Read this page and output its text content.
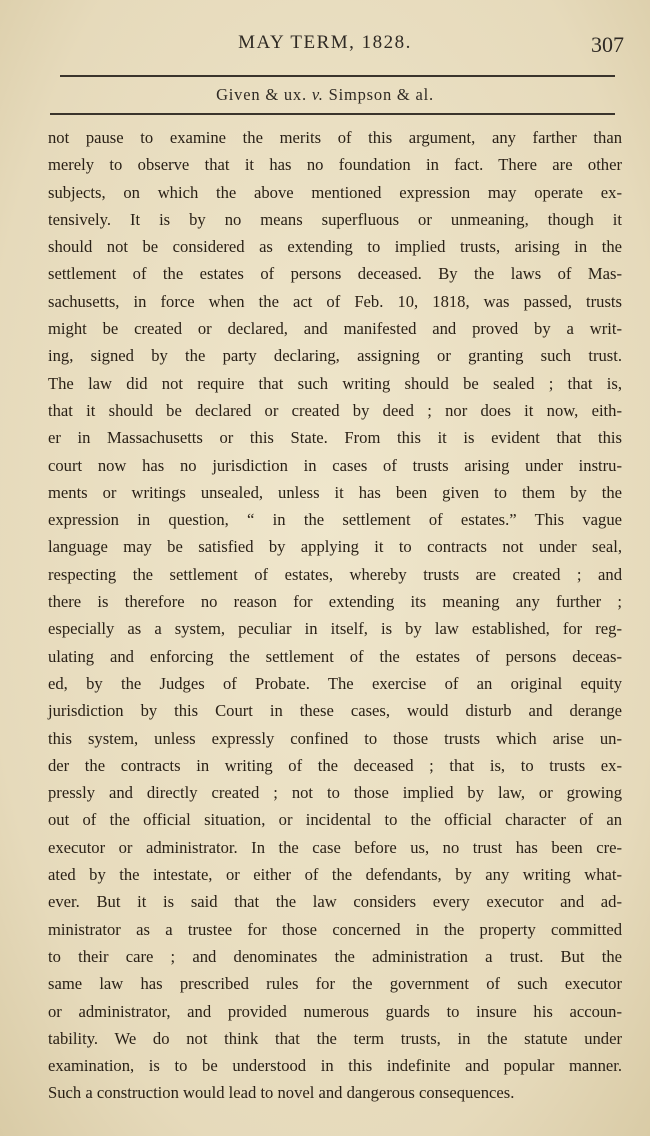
MAY TERM, 1828.	307
Given & ux. v. Simpson & al.
not pause to examine the merits of this argument, any farther than
merely to observe that it has no foundation in fact. There are other
subjects, on which the above mentioned expression may operate ex-
tensively. It is by no means superfluous or unmeaning, though it
should not be considered as extending to implied trusts, arising in the
settlement of the estates of persons deceased. By the laws of Mas-
sachusetts, in force when the act of Feb. 10, 1818, was passed, trusts
might be created or declared, and manifested and proved by a writ-
ing, signed by the party declaring, assigning or granting such trust.
The law did not require that such writing should be sealed ; that is,
that it should be declared or created by deed ; nor does it now, eith-
er in Massachusetts or this State. From this it is evident that this
court now has no jurisdiction in cases of trusts arising under instru-
ments or writings unsealed, unless it has been given to them by the
expression in question, “ in the settlement of estates.” This vague
language may be satisfied by applying it to contracts not under seal,
respecting the settlement of estates, whereby trusts are created ; and
there is therefore no reason for extending its meaning any further ;
especially as a system, peculiar in itself, is by law established, for reg-
ulating and enforcing the settlement of the estates of persons deceas-
ed, by the Judges of Probate. The exercise of an original equity
jurisdiction by this Court in these cases, would disturb and derange
this system, unless expressly confined to those trusts which arise un-
der the contracts in writing of the deceased ; that is, to trusts ex-
pressly and directly created ; not to those implied by law, or growing
out of the official situation, or incidental to the official character of an
executor or administrator. In the case before us, no trust has been cre-
ated by the intestate, or either of the defendants, by any writing what-
ever. But it is said that the law considers every executor and ad-
ministrator as a trustee for those concerned in the property committed
to their care ; and denominates the administration a trust. But the
same law has prescribed rules for the government of such executor
or administrator, and provided numerous guards to insure his accoun-
tability. We do not think that the term trusts, in the statute under
examination, is to be understood in this indefinite and popular manner.
Such a construction would lead to novel and dangerous consequences.
